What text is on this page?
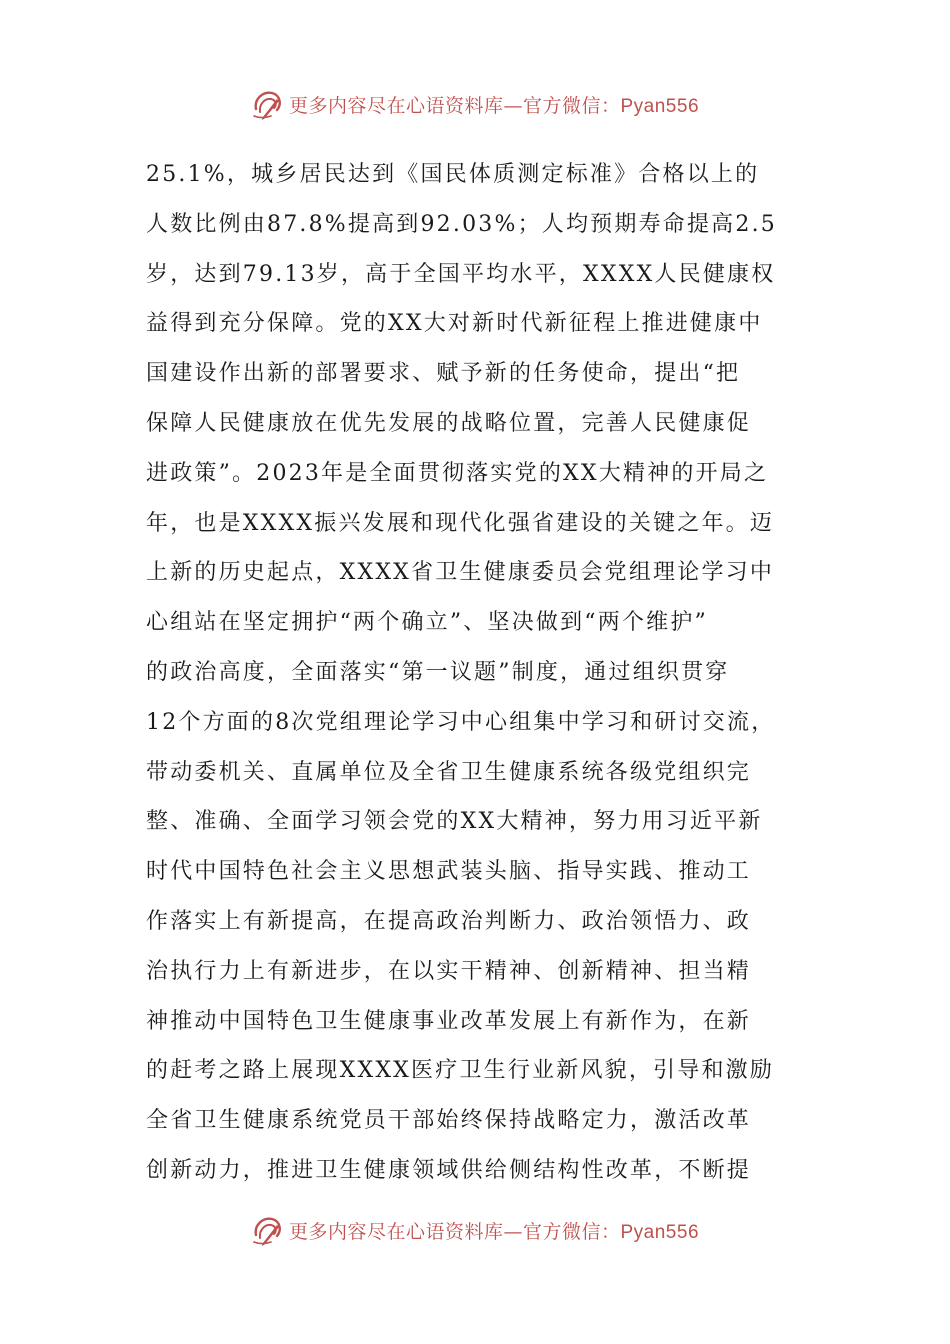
更多内容尽在心语资料库—官方微信：Pyan556
25.1%，城乡居民达到《国民体质测定标准》合格以上的
人数比例由87.8%提高到92.03%；人均预期寿命提高2.5
岁，达到79.13岁，高于全国平均水平，XXXX人民健康权
益得到充分保障。党的XX大对新时代新征程上推进健康中
国建设作出新的部署要求、赋予新的任务使命，提出“把
保障人民健康放在优先发展的战略位置，完善人民健康促
进政策”。2023年是全面贯彻落实党的XX大精神的开局之
年，也是XXXX振兴发展和现代化强省建设的关键之年。迈
上新的历史起点，XXXX省卫生健康委员会党组理论学习中
心组站在坚定拥护“两个确立”、坚决做到“两个维护”
的政治高度，全面落实“第一议题”制度，通过组织贯穿
12个方面的8次党组理论学习中心组集中学习和研讨交流，
带动委机关、直属单位及全省卫生健康系统各级党组织完
整、准确、全面学习领会党的XX大精神，努力用习近平新
时代中国特色社会主义思想武装头脑、指导实践、推动工
作落实上有新提高，在提高政治判断力、政治领悟力、政
治执行力上有新进步，在以实干精神、创新精神、担当精
神推动中国特色卫生健康事业改革发展上有新作为，在新
的赶考之路上展现XXXX医疗卫生行业新风貌，引导和激励
全省卫生健康系统党员干部始终保持战略定力，激活改革
创新动力，推进卫生健康领域供给侧结构性改革，不断提
更多内容尽在心语资料库—官方微信：Pyan556
